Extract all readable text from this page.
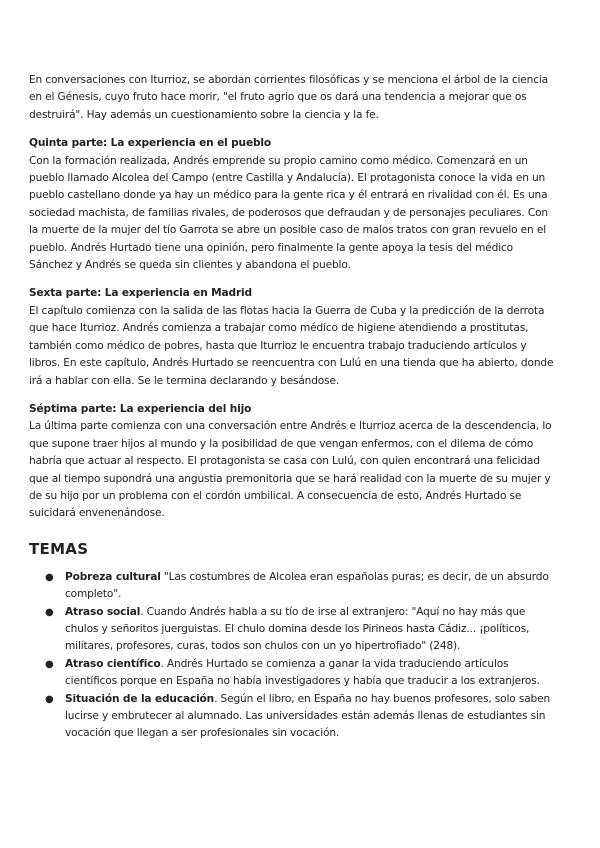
En conversaciones con Iturrioz, se abordan corrientes filosóficas y se menciona el árbol de la ciencia en el Génesis, cuyo fruto hace morir, "el fruto agrio que os dará una tendencia a mejorar que os destruirá". Hay además un cuestionamiento sobre la ciencia y la fe.

Quinta parte: La experiencia en el pueblo

Con la formación realizada, Andrés emprende su propio camino como médico. Comenzará en un pueblo llamado Alcolea del Campo (entre Castilla y Andalucía). El protagonista conoce la vida en un pueblo castellano donde ya hay un médico para la gente rica y él entrará en rivalidad con él. Es una sociedad machista, de familias rivales, de poderosos que defraudan y de personajes peculiares. Con la muerte de la mujer del tío Garrota se abre un posible caso de malos tratos con gran revuelo en el pueblo. Andrés Hurtado tiene una opinión, pero finalmente la gente apoya la tesis del médico Sánchez y Andrés se queda sin clientes y abandona el pueblo.

Sexta parte: La experiencia en Madrid

El capítulo comienza con la salida de las flotas hacia la Guerra de Cuba y la predicción de la derrota que hace Iturrioz. Andrés comienza a trabajar como médico de higiene atendiendo a prostitutas, también como médico de pobres, hasta que Iturrioz le encuentra trabajo traduciendo artículos y libros. En este capítulo, Andrés Hurtado se reencuentra con Lulú en una tienda que ha abierto, donde irá a hablar con ella. Se le termina declarando y besándose.

Séptima parte: La experiencia del hijo

La última parte comienza con una conversación entre Andrés e Iturrioz acerca de la descendencia, lo que supone traer hijos al mundo y la posibilidad de que vengan enfermos, con el dilema de cómo habría que actuar al respecto. El protagonista se casa con Lulú, con quien encontrará una felicidad que al tiempo supondrá una angustia premonitoria que se hará realidad con la muerte de su mujer y de su hijo por un problema con el cordón umbilical. A consecuencia de esto, Andrés Hurtado se suicidará envenenándose.

TEMAS
● Pobreza cultural "Las costumbres de Alcolea eran españolas puras; es decir, de un absurdo completo".
● Atraso social. Cuando Andrés habla a su tío de irse al extranjero: "Aquí no hay más que chulos y señoritos juerguistas. El chulo domina desde los Pirineos hasta Cádiz... ¡políticos, militares, profesores, curas, todos son chulos con un yo hipertrofiado" (248).
● Atraso científico. Andrés Hurtado se comienza a ganar la vida traduciendo artículos científicos porque en España no había investigadores y había que traducir a los extranjeros.
● Situación de la educación. Según el libro, en España no hay buenos profesores, solo saben lucirse y embrutecer al alumnado. Las universidades están además llenas de estudiantes sin vocación que llegan a ser profesionales sin vocación.
